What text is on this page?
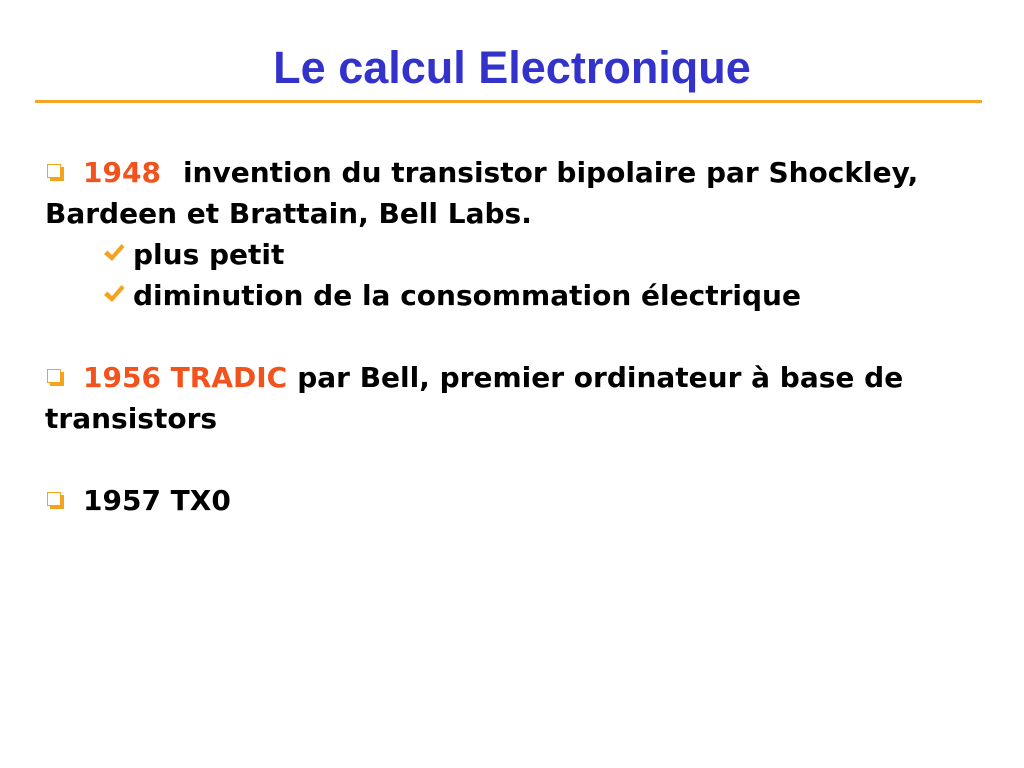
Le calcul Electronique

1948 invention du transistor bipolaire par Shockley, Bardeen et Brattain, Bell Labs.

plus petit
diminution de la consommation électrique

1956 TRADIC par Bell, premier ordinateur à base de transistors

1957 TX0
